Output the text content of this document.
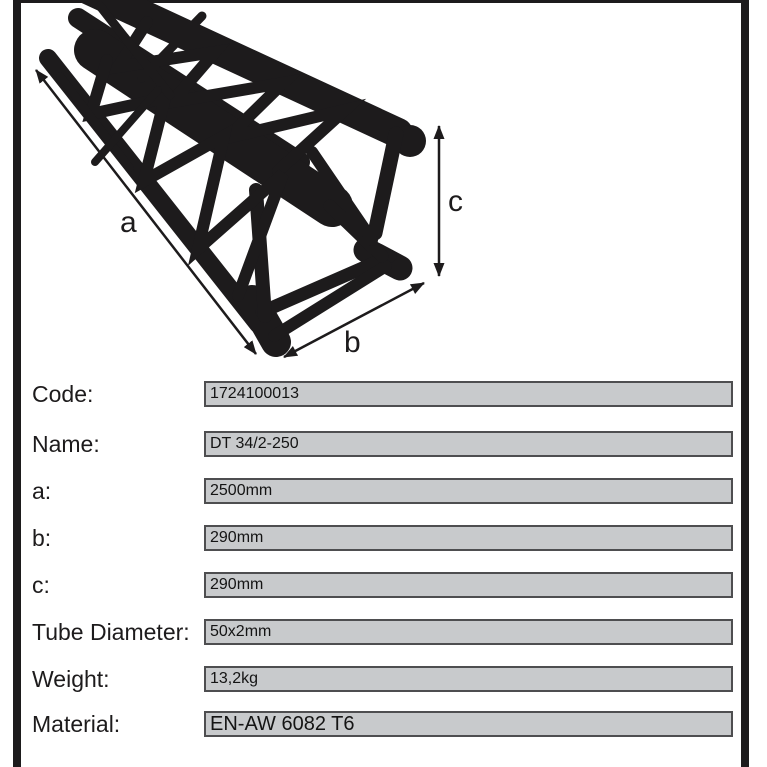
a
b
c
Code:	1724100013
Name:	DT 34/2-250
a:	2500mm
b:	290mm
c:	290mm
Tube Diameter:	50x2mm
Weight:	13,2kg
Material:	EN-AW 6082 T6
